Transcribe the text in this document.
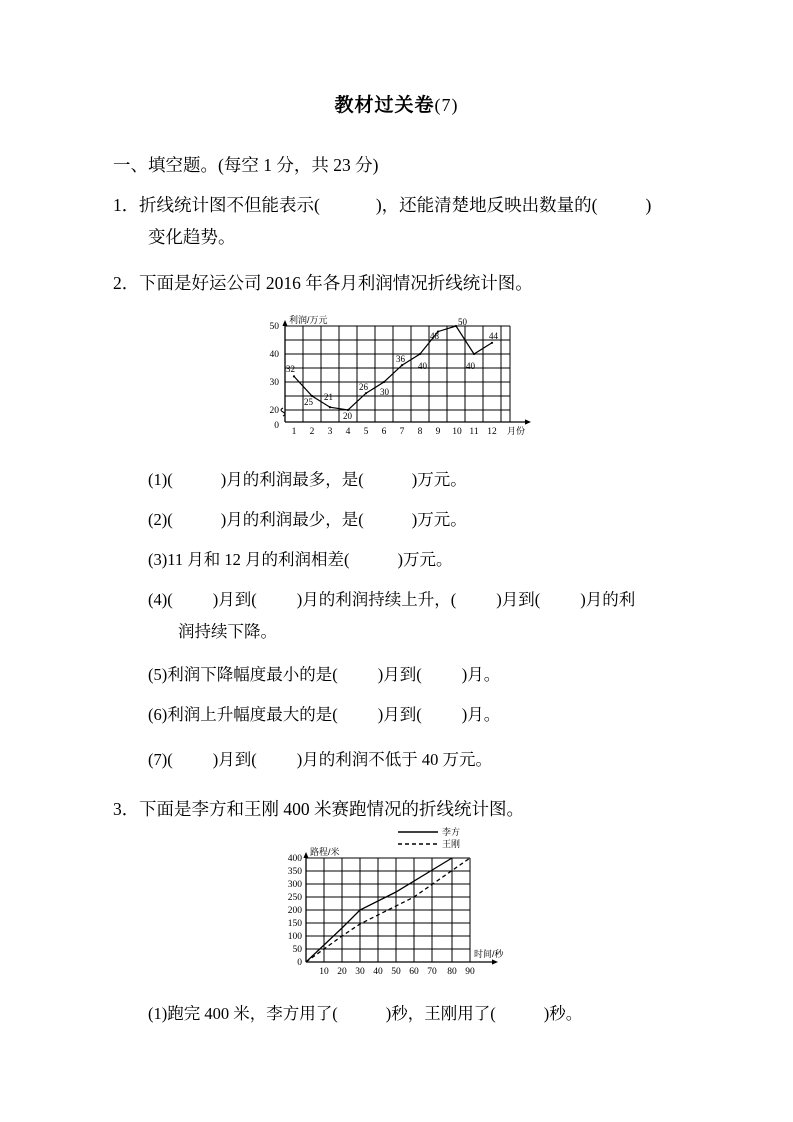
教材过关卷(7)
一、填空题。(每空 1 分，共 23 分)
1．折线统计图不但能表示(	)，还能清楚地反映出数量的(	)
变化趋势。
2．下面是好运公司 2016 年各月利润情况折线统计图。
20
30
40
50
0
1 2 3 4 5 6 7 8 9 10 11 12
利润/万元
月份
32
25 21
20
26 30
36
40
48
50
40
44
(1)(	)月的利润最多，是(	)万元。
(2)(	)月的利润最少，是(	)万元。
(3)11 月和 12 月的利润相差(	)万元。
(4)( )月到( )月的利润持续上升，( )月到( )月的利
润持续下降。
(5)利润下降幅度最小的是( )月到( )月。
(6)利润上升幅度最大的是( )月到( )月。
(7)( )月到( )月的利润不低于 40 万元。
3．下面是李方和王刚 400 米赛跑情况的折线统计图。
李方
王刚
0
50
100
150
200
250
300
350
400
10 20 30 40 50 60 70 80 90
路程/米
时间/秒
(1)跑完 400 米，李方用了(	)秒，王刚用了(	)秒。
